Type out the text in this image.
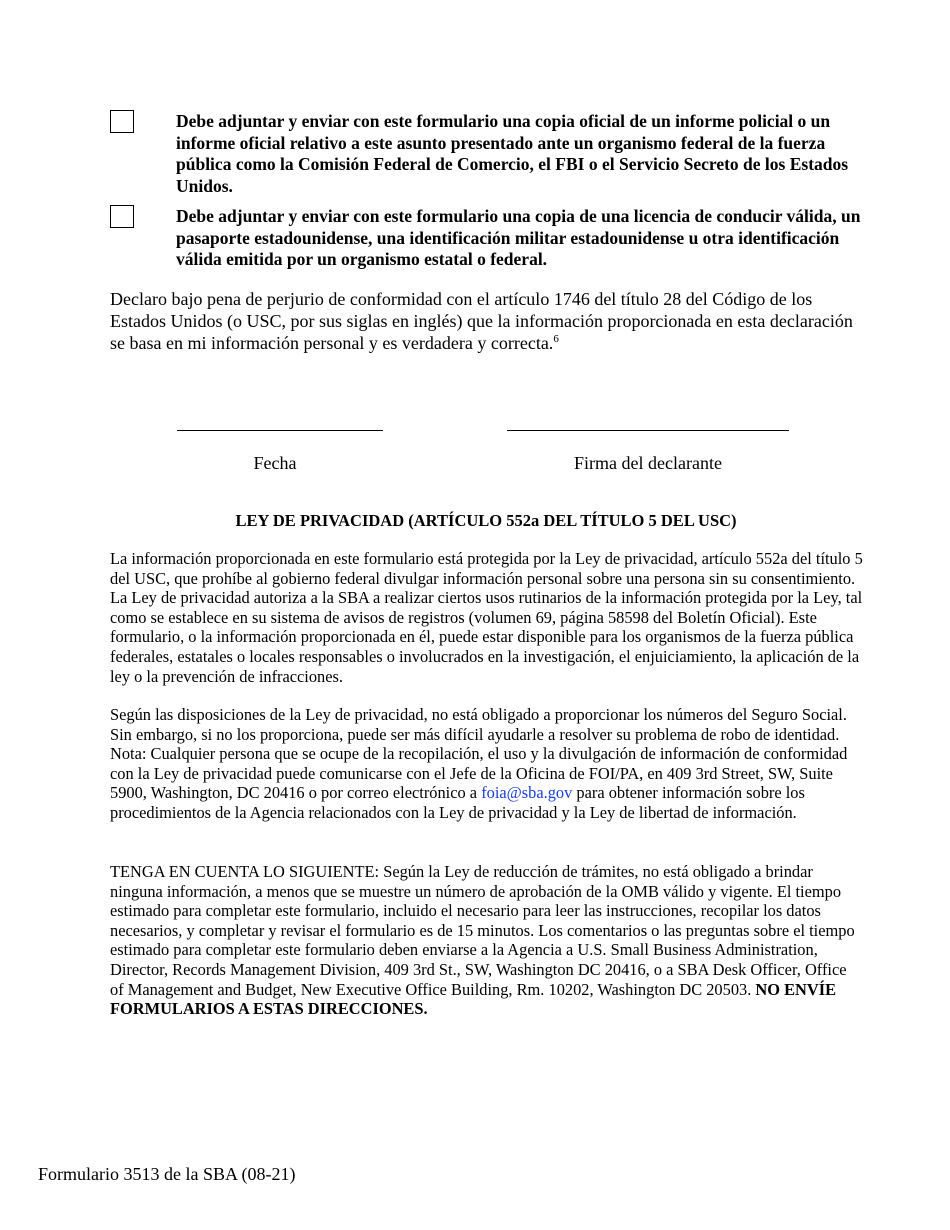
Debe adjuntar y enviar con este formulario una copia oficial de un informe policial o un informe oficial relativo a este asunto presentado ante un organismo federal de la fuerza pública como la Comisión Federal de Comercio, el FBI o el Servicio Secreto de los Estados Unidos.
Debe adjuntar y enviar con este formulario una copia de una licencia de conducir válida, un pasaporte estadounidense, una identificación militar estadounidense u otra identificación válida emitida por un organismo estatal o federal.
Declaro bajo pena de perjurio de conformidad con el artículo 1746 del título 28 del Código de los Estados Unidos (o USC, por sus siglas en inglés) que la información proporcionada en esta declaración se basa en mi información personal y es verdadera y correcta.$^6$
Fecha	Firma del declarante
LEY DE PRIVACIDAD (ARTÍCULO 552a DEL TÍTULO 5 DEL USC)
La información proporcionada en este formulario está protegida por la Ley de privacidad, artículo 552a del título 5 del USC, que prohíbe al gobierno federal divulgar información personal sobre una persona sin su consentimiento. La Ley de privacidad autoriza a la SBA a realizar ciertos usos rutinarios de la información protegida por la Ley, tal como se establece en su sistema de avisos de registros (volumen 69, página 58598 del Boletín Oficial). Este formulario, o la información proporcionada en él, puede estar disponible para los organismos de la fuerza pública federales, estatales o locales responsables o involucrados en la investigación, el enjuiciamiento, la aplicación de la ley o la prevención de infracciones.
Según las disposiciones de la Ley de privacidad, no está obligado a proporcionar los números del Seguro Social. Sin embargo, si no los proporciona, puede ser más difícil ayudarle a resolver su problema de robo de identidad. Nota: Cualquier persona que se ocupe de la recopilación, el uso y la divulgación de información de conformidad con la Ley de privacidad puede comunicarse con el Jefe de la Oficina de FOI/PA, en 409 3rd Street, SW, Suite 5900, Washington, DC 20416 o por correo electrónico a foia@sba.gov para obtener información sobre los procedimientos de la Agencia relacionados con la Ley de privacidad y la Ley de libertad de información.
TENGA EN CUENTA LO SIGUIENTE: Según la Ley de reducción de trámites, no está obligado a brindar ninguna información, a menos que se muestre un número de aprobación de la OMB válido y vigente. El tiempo estimado para completar este formulario, incluido el necesario para leer las instrucciones, recopilar los datos necesarios, y completar y revisar el formulario es de 15 minutos. Los comentarios o las preguntas sobre el tiempo estimado para completar este formulario deben enviarse a la Agencia a U.S. Small Business Administration, Director, Records Management Division, 409 3rd St., SW, Washington DC 20416, o a SBA Desk Officer, Office of Management and Budget, New Executive Office Building, Rm. 10202, Washington DC 20503. NO ENVÍE FORMULARIOS A ESTAS DIRECCIONES.
Formulario 3513 de la SBA (08-21)
